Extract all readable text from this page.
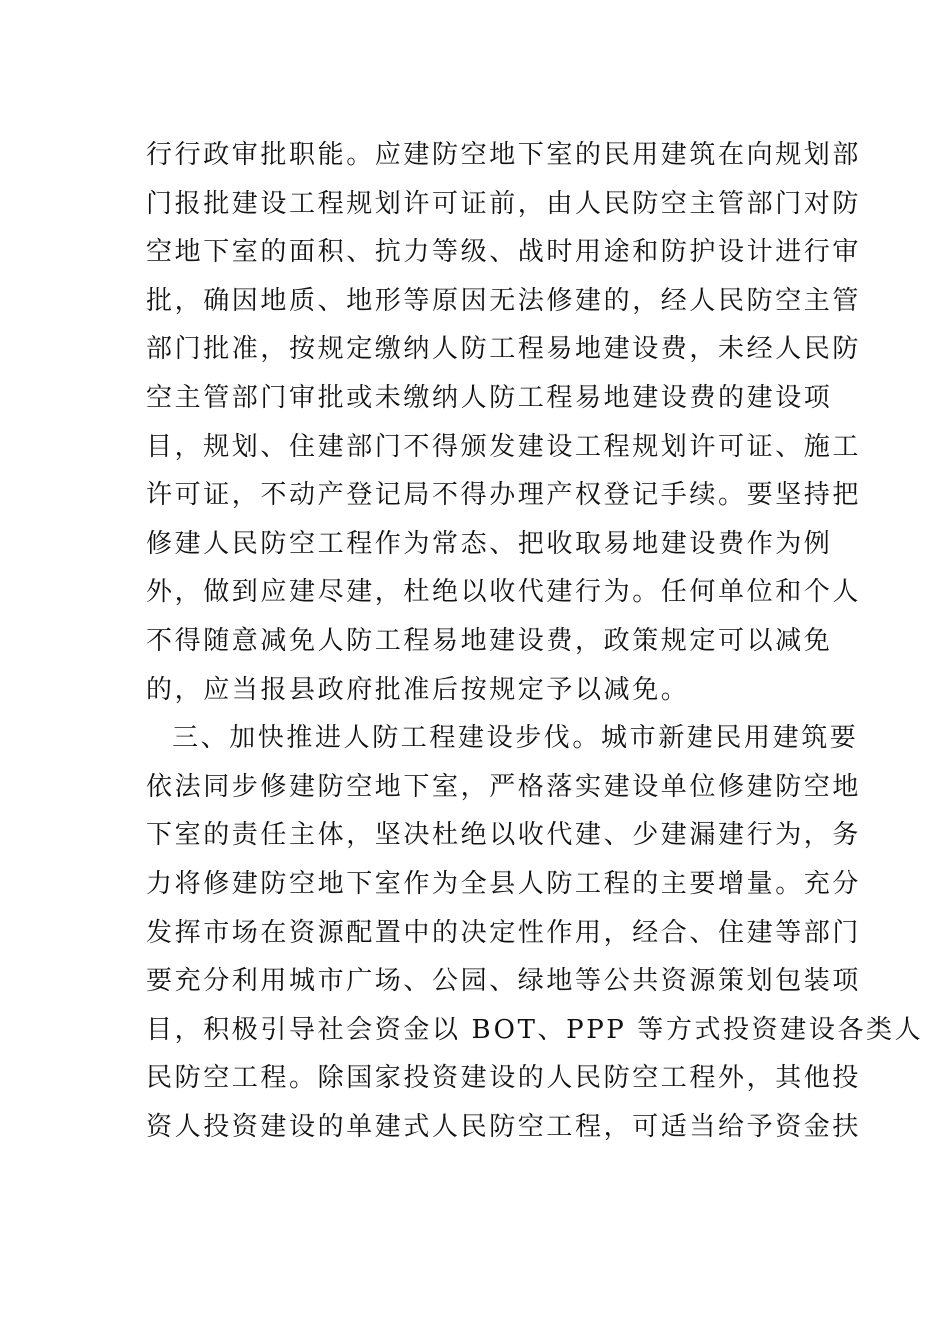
行行政审批职能。应建防空地下室的民用建筑在向规划部
门报批建设工程规划许可证前，由人民防空主管部门对防
空地下室的面积、抗力等级、战时用途和防护设计进行审
批，确因地质、地形等原因无法修建的，经人民防空主管
部门批准，按规定缴纳人防工程易地建设费，未经人民防
空主管部门审批或未缴纳人防工程易地建设费的建设项
目，规划、住建部门不得颁发建设工程规划许可证、施工
许可证，不动产登记局不得办理产权登记手续。要坚持把
修建人民防空工程作为常态、把收取易地建设费作为例
外，做到应建尽建，杜绝以收代建行为。任何单位和个人
不得随意减免人防工程易地建设费，政策规定可以减免
的，应当报县政府批准后按规定予以减免。
三、加快推进人防工程建设步伐。城市新建民用建筑要
依法同步修建防空地下室，严格落实建设单位修建防空地
下室的责任主体，坚决杜绝以收代建、少建漏建行为，务
力将修建防空地下室作为全县人防工程的主要增量。充分
发挥市场在资源配置中的决定性作用，经合、住建等部门
要充分利用城市广场、公园、绿地等公共资源策划包装项
目，积极引导社会资金以 BOT、PPP 等方式投资建设各类人
民防空工程。除国家投资建设的人民防空工程外，其他投
资人投资建设的单建式人民防空工程，可适当给予资金扶
